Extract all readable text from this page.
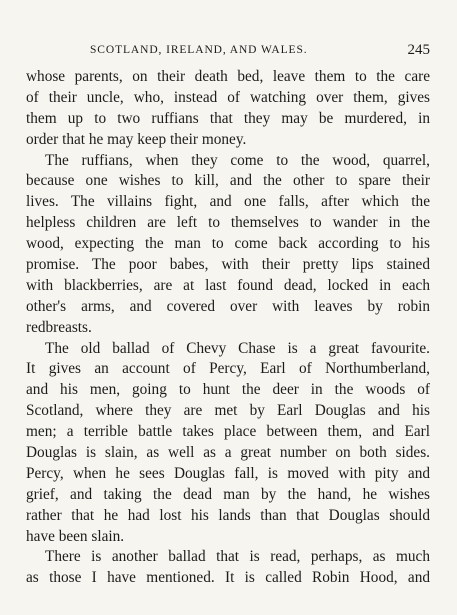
SCOTLAND, IRELAND, AND WALES.	245
whose parents, on their death bed, leave them to the care
of their uncle, who, instead of watching over them, gives
them up to two ruffians that they may be murdered, in
order that he may keep their money.
The ruffians, when they come to the wood, quarrel,
because one wishes to kill, and the other to spare their
lives. The villains fight, and one falls, after which the
helpless children are left to themselves to wander in the
wood, expecting the man to come back according to his
promise. The poor babes, with their pretty lips stained
with blackberries, are at last found dead, locked in each
other's arms, and covered over with leaves by robin
redbreasts.
The old ballad of Chevy Chase is a great favourite.
It gives an account of Percy, Earl of Northumberland,
and his men, going to hunt the deer in the woods of
Scotland, where they are met by Earl Douglas and his
men; a terrible battle takes place between them, and Earl
Douglas is slain, as well as a great number on both sides.
Percy, when he sees Douglas fall, is moved with pity and
grief, and taking the dead man by the hand, he wishes
rather that he had lost his lands than that Douglas should
have been slain.
There is another ballad that is read, perhaps, as much
as those I have mentioned. It is called Robin Hood, and
